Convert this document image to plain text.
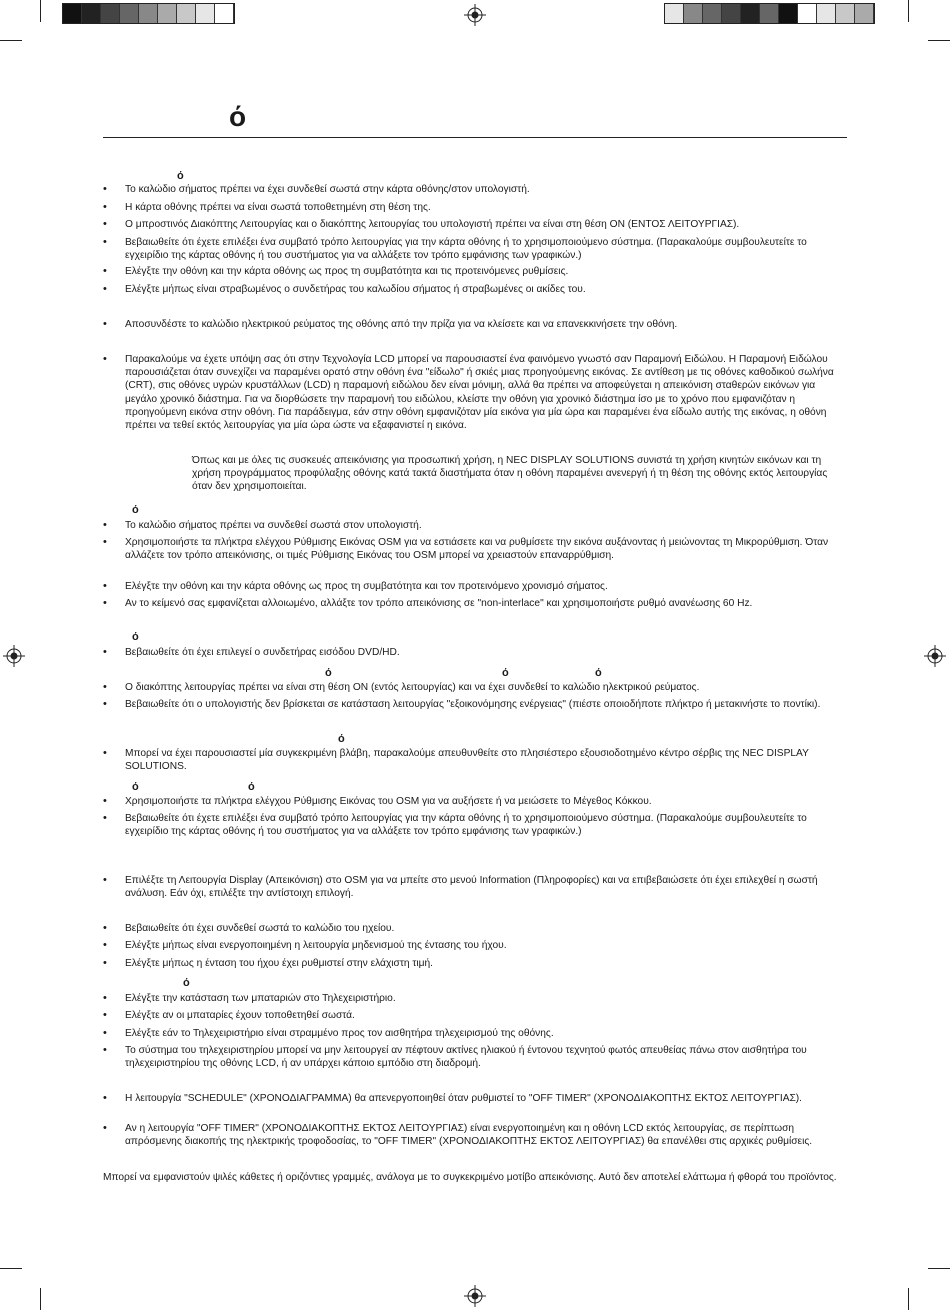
ό
ό
• Το καλώδιο σήματος πρέπει να έχει συνδεθεί σωστά στην κάρτα οθόνης/στον υπολογιστή.
• Η κάρτα οθόνης πρέπει να είναι σωστά τοποθετημένη στη θέση της.
• Ο μπροστινός Διακόπτης Λειτουργίας και ο διακόπτης λειτουργίας του υπολογιστή πρέπει να είναι στη θέση ON (ΕΝΤΟΣ ΛΕΙΤΟΥΡΓΙΑΣ).
• Βεβαιωθείτε ότι έχετε επιλέξει ένα συμβατό τρόπο λειτουργίας για την κάρτα οθόνης ή το χρησιμοποιούμενο σύστημα. (Παρακαλούμε συμβουλευτείτε το εγχειρίδιο της κάρτας οθόνης ή του συστήματος για να αλλάξετε τον τρόπο εμφάνισης των γραφικών.)
• Ελέγξτε την οθόνη και την κάρτα οθόνης ως προς τη συμβατότητα και τις προτεινόμενες ρυθμίσεις.
• Ελέγξτε μήπως είναι στραβωμένος ο συνδετήρας του καλωδίου σήματος ή στραβωμένες οι ακίδες του.
• Αποσυνδέστε το καλώδιο ηλεκτρικού ρεύματος της οθόνης από την πρίζα για να κλείσετε και να επανεκκινήσετε την οθόνη.
• Παρακαλούμε να έχετε υπόψη σας ότι στην Τεχνολογία LCD μπορεί να παρουσιαστεί ένα φαινόμενο γνωστό σαν Παραμονή Ειδώλου. Η Παραμονή Ειδώλου παρουσιάζεται όταν συνεχίζει να παραμένει ορατό στην οθόνη ένα "είδωλο" ή σκιές μιας προηγούμενης εικόνας. Σε αντίθεση με τις οθόνες καθοδικού σωλήνα (CRT), στις οθόνες υγρών κρυστάλλων (LCD) η παραμονή ειδώλου δεν είναι μόνιμη, αλλά θα πρέπει να αποφεύγεται η απεικόνιση σταθερών εικόνων για μεγάλο χρονικό διάστημα. Για να διορθώσετε την παραμονή του ειδώλου, κλείστε την οθόνη για χρονικό διάστημα ίσο με το χρόνο που εμφανιζόταν η προηγούμενη εικόνα στην οθόνη. Για παράδειγμα, εάν στην οθόνη εμφανιζόταν μία εικόνα για μία ώρα και παραμένει ένα είδωλο αυτής της εικόνας, η οθόνη πρέπει να τεθεί εκτός λειτουργίας για μία ώρα ώστε να εξαφανιστεί η εικόνα.
Όπως και με όλες τις συσκευές απεικόνισης για προσωπική χρήση, η NEC DISPLAY SOLUTIONS συνιστά τη χρήση κινητών εικόνων και τη χρήση προγράμματος προφύλαξης οθόνης κατά τακτά διαστήματα όταν η οθόνη παραμένει ανενεργή ή τη θέση της οθόνης εκτός λειτουργίας όταν δεν χρησιμοποιείται.
ό
• Το καλώδιο σήματος πρέπει να συνδεθεί σωστά στον υπολογιστή.
• Χρησιμοποιήστε τα πλήκτρα ελέγχου Ρύθμισης Εικόνας OSM για να εστιάσετε και να ρυθμίσετε την εικόνα αυξάνοντας ή μειώνοντας τη Μικρορύθμιση. Όταν αλλάζετε τον τρόπο απεικόνισης, οι τιμές Ρύθμισης Εικόνας του OSM μπορεί να χρειαστούν επαναρρύθμιση.
• Ελέγξτε την οθόνη και την κάρτα οθόνης ως προς τη συμβατότητα και τον προτεινόμενο χρονισμό σήματος.
• Αν το κείμενό σας εμφανίζεται αλλοιωμένο, αλλάξτε τον τρόπο απεικόνισης σε "non-interlace" και χρησιμοποιήστε ρυθμό ανανέωσης 60 Hz.
ό
• Βεβαιωθείτε ότι έχει επιλεγεί ο συνδετήρας εισόδου DVD/HD.
ό	ό	ό
• Ο διακόπτης λειτουργίας πρέπει να είναι στη θέση ON (εντός λειτουργίας) και να έχει συνδεθεί το καλώδιο ηλεκτρικού ρεύματος.
• Βεβαιωθείτε ότι ο υπολογιστής δεν βρίσκεται σε κατάσταση λειτουργίας "εξοικονόμησης ενέργειας" (πιέστε οποιοδήποτε πλήκτρο ή μετακινήστε το ποντίκι).
ό
• Μπορεί να έχει παρουσιαστεί μία συγκεκριμένη βλάβη, παρακαλούμε απευθυνθείτε στο πλησιέστερο εξουσιοδοτημένο κέντρο σέρβις της NEC DISPLAY SOLUTIONS.
ό	ό
• Χρησιμοποιήστε τα πλήκτρα ελέγχου Ρύθμισης Εικόνας του OSM για να αυξήσετε ή να μειώσετε το Μέγεθος Κόκκου.
• Βεβαιωθείτε ότι έχετε επιλέξει ένα συμβατό τρόπο λειτουργίας για την κάρτα οθόνης ή το χρησιμοποιούμενο σύστημα. (Παρακαλούμε συμβουλευτείτε το εγχειρίδιο της κάρτας οθόνης ή του συστήματος για να αλλάξετε τον τρόπο εμφάνισης των γραφικών.)
• Επιλέξτε τη Λειτουργία Display (Απεικόνιση) στο OSM για να μπείτε στο μενού Information (Πληροφορίες) και να επιβεβαιώσετε ότι έχει επιλεχθεί η σωστή ανάλυση. Εάν όχι, επιλέξτε την αντίστοιχη επιλογή.
• Βεβαιωθείτε ότι έχει συνδεθεί σωστά το καλώδιο του ηχείου.
• Ελέγξτε μήπως είναι ενεργοποιημένη η λειτουργία μηδενισμού της έντασης του ήχου.
• Ελέγξτε μήπως η ένταση του ήχου έχει ρυθμιστεί στην ελάχιστη τιμή.
ό
• Ελέγξτε την κατάσταση των μπαταριών στο Τηλεχειριστήριο.
• Ελέγξτε αν οι μπαταρίες έχουν τοποθετηθεί σωστά.
• Ελέγξτε εάν το Τηλεχειριστήριο είναι στραμμένο προς τον αισθητήρα τηλεχειρισμού της οθόνης.
• Το σύστημα του τηλεχειριστηρίου μπορεί να μην λειτουργεί αν πέφτουν ακτίνες ηλιακού ή έντονου τεχνητού φωτός απευθείας πάνω στον αισθητήρα του τηλεχειριστηρίου της οθόνης LCD, ή αν υπάρχει κάποιο εμπόδιο στη διαδρομή.
• Η λειτουργία "SCHEDULE" (ΧΡΟΝΟΔΙΑΓΡΑΜΜΑ) θα απενεργοποιηθεί όταν ρυθμιστεί το "OFF TIMER" (ΧΡΟΝΟΔΙΑΚΟΠΤΗΣ ΕΚΤΟΣ ΛΕΙΤΟΥΡΓΙΑΣ).
• Αν η λειτουργία "OFF TIMER" (ΧΡΟΝΟΔΙΑΚΟΠΤΗΣ ΕΚΤΟΣ ΛΕΙΤΟΥΡΓΙΑΣ) είναι ενεργοποιημένη και η οθόνη LCD εκτός λειτουργίας, σε περίπτωση απρόσμενης διακοπής της ηλεκτρικής τροφοδοσίας, το "OFF TIMER" (ΧΡΟΝΟΔΙΑΚΟΠΤΗΣ ΕΚΤΟΣ ΛΕΙΤΟΥΡΓΙΑΣ) θα επανέλθει στις αρχικές ρυθμίσεις.
Μπορεί να εμφανιστούν ψιλές κάθετες ή οριζόντιες γραμμές, ανάλογα με το συγκεκριμένο μοτίβο απεικόνισης. Αυτό δεν αποτελεί ελάττωμα ή φθορά του προϊόντος.
